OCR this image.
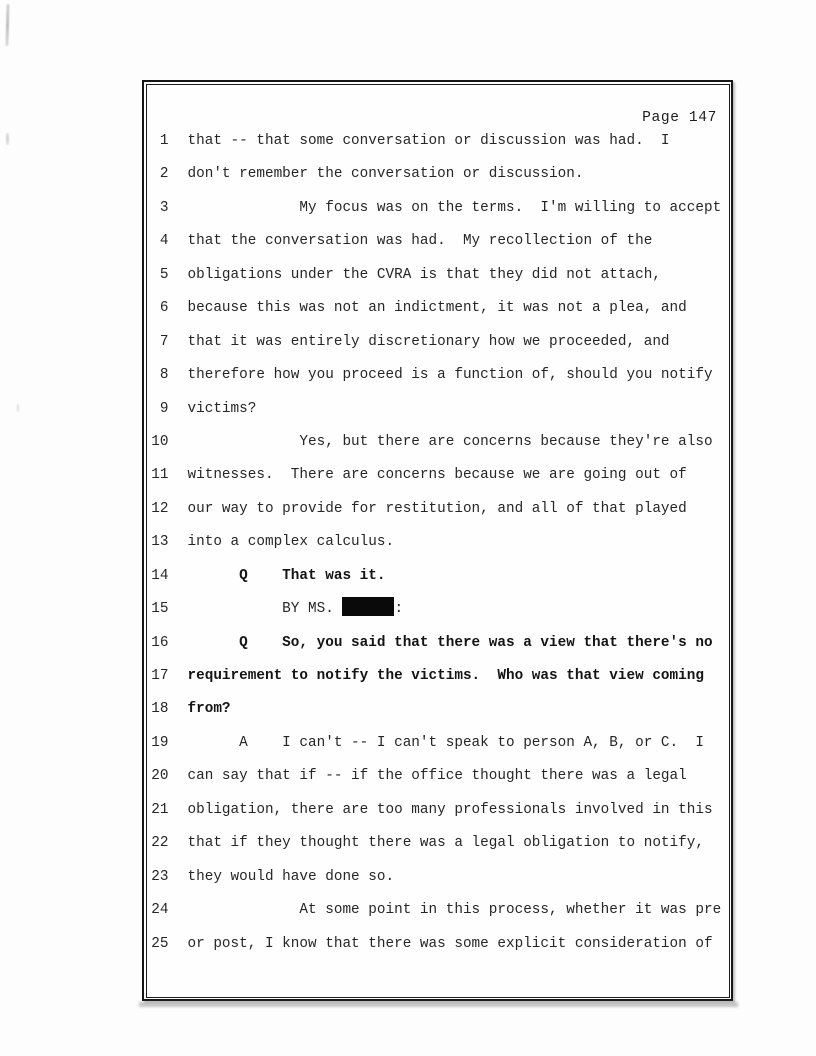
Page 147
1 that -- that some conversation or discussion was had.  I
2 don't remember the conversation or discussion.
3 My focus was on the terms.  I'm willing to accept
4 that the conversation was had.  My recollection of the
5 obligations under the CVRA is that they did not attach,
6 because this was not an indictment, it was not a plea, and
7 that it was entirely discretionary how we proceeded, and
8 therefore how you proceed is a function of, should you notify
9 victims?
10 Yes, but there are concerns because they're also
11 witnesses.  There are concerns because we are going out of
12 our way to provide for restitution, and all of that played
13 into a complex calculus.
14 Q    That was it.
15 BY MS.	:
16 Q    So, you said that there was a view that there's no
17 requirement to notify the victims.  Who was that view coming
18 from?
19 A    I can't -- I can't speak to person A, B, or C.  I
20 can say that if -- if the office thought there was a legal
21 obligation, there are too many professionals involved in this
22 that if they thought there was a legal obligation to notify,
23 they would have done so.
24 At some point in this process, whether it was pre
25 or post, I know that there was some explicit consideration of
